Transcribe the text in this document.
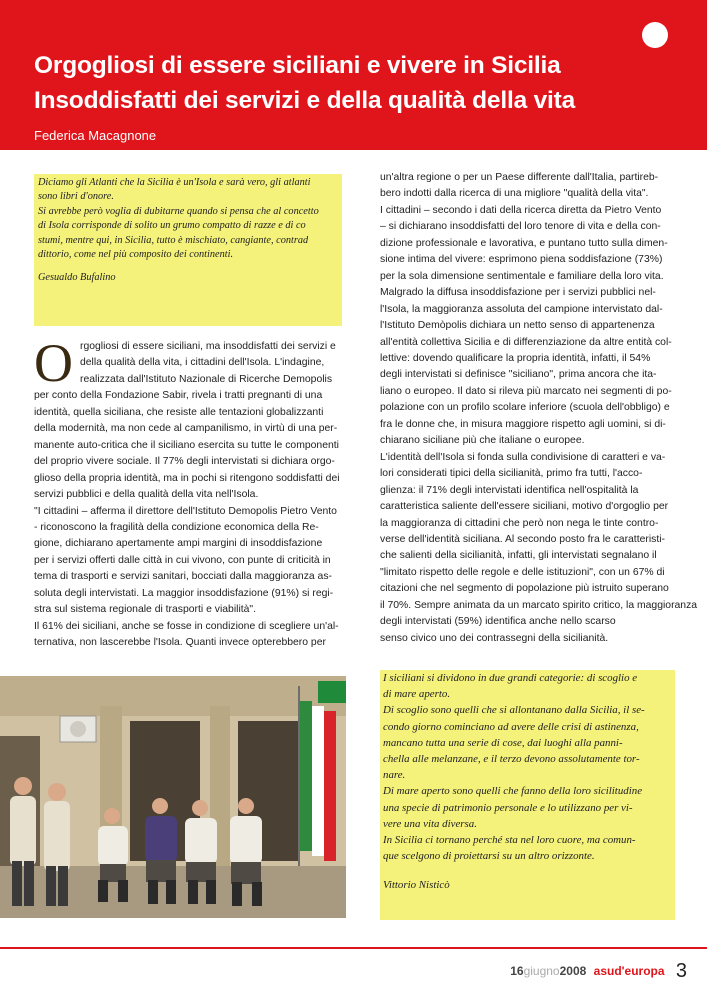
Orgogliosi di essere siciliani e vivere in Sicilia
Insoddisfatti dei servizi e della qualità della vita
Federica Macagnone
Diciamo gli Atlanti che la Sicilia è un'Isola e sarà vero, gli atlanti
sono libri d'onore.
Si avrebbe però voglia di dubitarne quando si pensa che al concetto
di Isola corrisponde di solito un grumo compatto di razze e di co
stumi, mentre qui, in Sicilia, tutto è mischiato, cangiante, contrad
dittorio, come nel più composito dei continenti.
Gesualdo Bufalino
O rgogliosi di essere siciliani, ma insoddisfatti dei servizi e
della qualità della vita, i cittadini dell'Isola. L'indagine,
realizzata dall'Istituto Nazionale di Ricerche Demopolis
per conto della Fondazione Sabir, rivela i tratti pregnanti di una
identità, quella siciliana, che resiste alle tentazioni globalizzanti
della modernità, ma non cede al campanilismo, in virtù di una per-
manente auto-critica che il siciliano esercita su tutte le componenti
del proprio vivere sociale. Il 77% degli intervistati si dichiara orgo-
glioso della propria identità, ma in pochi si ritengono soddisfatti dei
servizi pubblici e della qualità della vita nell'Isola.
"I cittadini – afferma il direttore dell'Istituto Demopolis Pietro Vento
- riconoscono la fragilità della condizione economica della Re-
gione, dichiarano apertamente ampi margini di insoddisfazione
per i servizi offerti dalle città in cui vivono, con punte di criticità in
tema di trasporti e servizi sanitari, bocciati dalla maggioranza as-
soluta degli intervistati. La maggior insoddisfazione (91%) si regi-
stra sul sistema regionale di trasporti e viabilità".
Il 61% dei siciliani, anche se fosse in condizione di scegliere un'al-
ternativa, non lascerebbe l'Isola. Quanti invece opterebbero per
un'altra regione o per un Paese differente dall'Italia, partireb-
bero indotti dalla ricerca di una migliore "qualità della vita".
I cittadini – secondo i dati della ricerca diretta da Pietro Vento
– si dichiarano insoddisfatti del loro tenore di vita e della con-
dizione professionale e lavorativa, e puntano tutto sulla dimen-
sione intima del vivere: esprimono piena soddisfazione (73%)
per la sola dimensione sentimentale e familiare della loro vita.
Malgrado la diffusa insoddisfazione per i servizi pubblici nel-
l'Isola, la maggioranza assoluta del campione intervistato dal-
l'Istituto Demòpolis dichiara un netto senso di appartenenza
all'entità collettiva Sicilia e di differenziazione da altre entità col-
lettive: dovendo qualificare la propria identità, infatti, il 54%
degli intervistati si definisce "siciliano", prima ancora che ita-
liano o europeo. Il dato si rileva più marcato nei segmenti di po-
polazione con un profilo scolare inferiore (scuola dell'obbligo) e
fra le donne che, in misura maggiore rispetto agli uomini, si di-
chiarano siciliane più che italiane o europee.
L'identità dell'Isola si fonda sulla condivisione di caratteri e va-
lori considerati tipici della sicilianità, primo fra tutti, l'acco-
glienza: il 71% degli intervistati identifica nell'ospitalità la
caratteristica saliente dell'essere siciliani, motivo d'orgoglio per
la maggioranza di cittadini che però non nega le tinte contro-
verse dell'identità siciliana. Al secondo posto fra le caratteristi-
che salienti della sicilianità, infatti, gli intervistati segnalano il
"limitato rispetto delle regole e delle istituzioni", con un 67% di
citazioni che nel segmento di popolazione più istruito superano
il 70%. Sempre animata da un marcato spirito critico, la maggioranza
degli intervistati (59%) identifica anche nello scarso
senso civico uno dei contrassegni della sicilianità.
I siciliani si dividono in due grandi categorie: di scoglio e
di mare aperto.
Di scoglio sono quelli che si allontanano dalla Sicilia, il se-
condo giorno cominciano ad avere delle crisi di astinenza,
mancano tutta una serie di cose, dai luoghi alla panni-
chella alle melanzane, e il terzo devono assolutamente tor-
nare.
Di mare aperto sono quelli che fanno della loro sicilitudine
una specie di patrimonio personale e lo utilizzano per vi-
vere una vita diversa.
In Sicilia ci tornano perché sta nel loro cuore, ma comun-
que scelgono di proiettarsi su un altro orizzonte.
Vittorio Nisticò
16giugno2008 asud'europa 3
